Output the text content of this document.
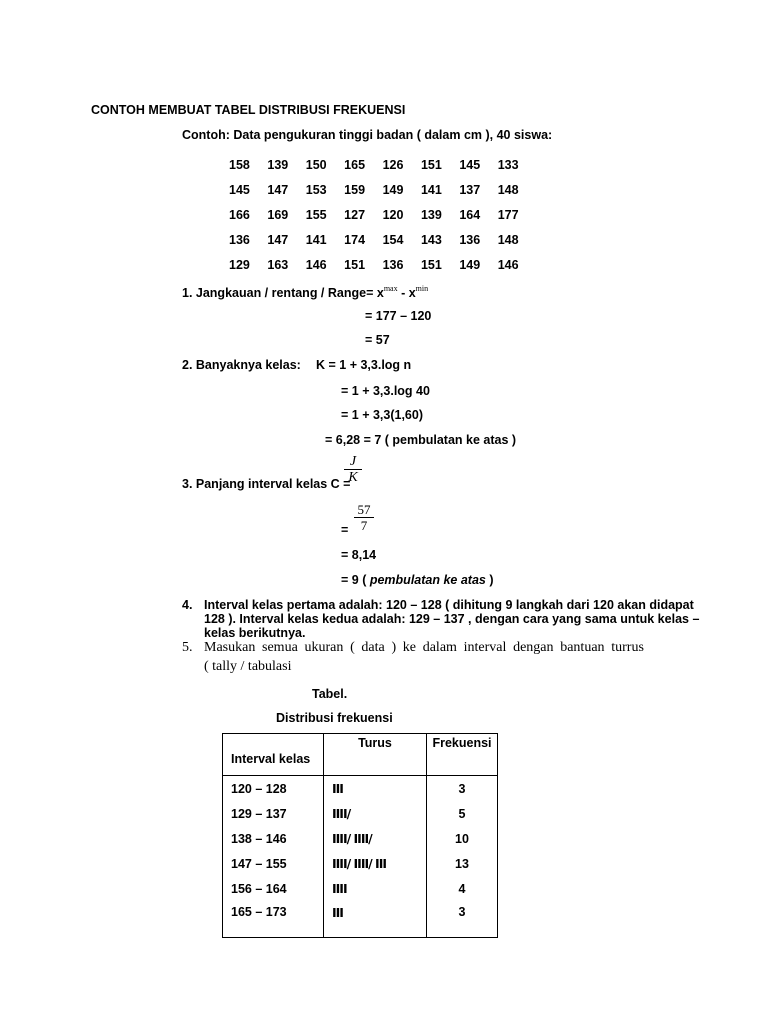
CONTOH MEMBUAT TABEL DISTRIBUSI FREKUENSI
Contoh: Data pengukuran tinggi badan ( dalam cm ), 40 siswa:
158	139	150	165	126	151	145	133
145	147	153	159	149	141	137	148
166	169	155	127	120	139	164	177
136	147	141	174	154	143	136	148
129	163	146	151	136	151	149	146
1. Jangkauan / rentang / Range= $x^{max} - x^{min}$
= 177 – 120
= 57
2. Banyaknya kelas: K = 1 + 3,3.log n
= 1 + 3,3.log 40
= 1 + 3,3(1,60)
= 6,28 = 7 ( pembulatan ke atas )
J
K
3. Panjang interval kelas C =
57
7
=
= 8,14
= 9 ( pembulatan ke atas )
4. Interval kelas pertama adalah: 120 – 128 ( dihitung 9 langkah dari 120 akan didapat
128 ). Interval kelas kedua adalah: 129 – 137 , dengan cara yang sama untuk kelas –
kelas berikutnya.
5. Masukan semua ukuran ( data ) ke dalam interval dengan bantuan turrus
( tally / tabulasi
Tabel.
Distribusi frekuensi
Interval kelas	Turus	Frekuensi

120 – 128	III	3
129 – 137	IIII/	5
138 – 146	IIII/ IIII/	10
147 – 155	IIII/ IIII/ III	13
156 – 164	IIII	4
165 – 173	III	3
